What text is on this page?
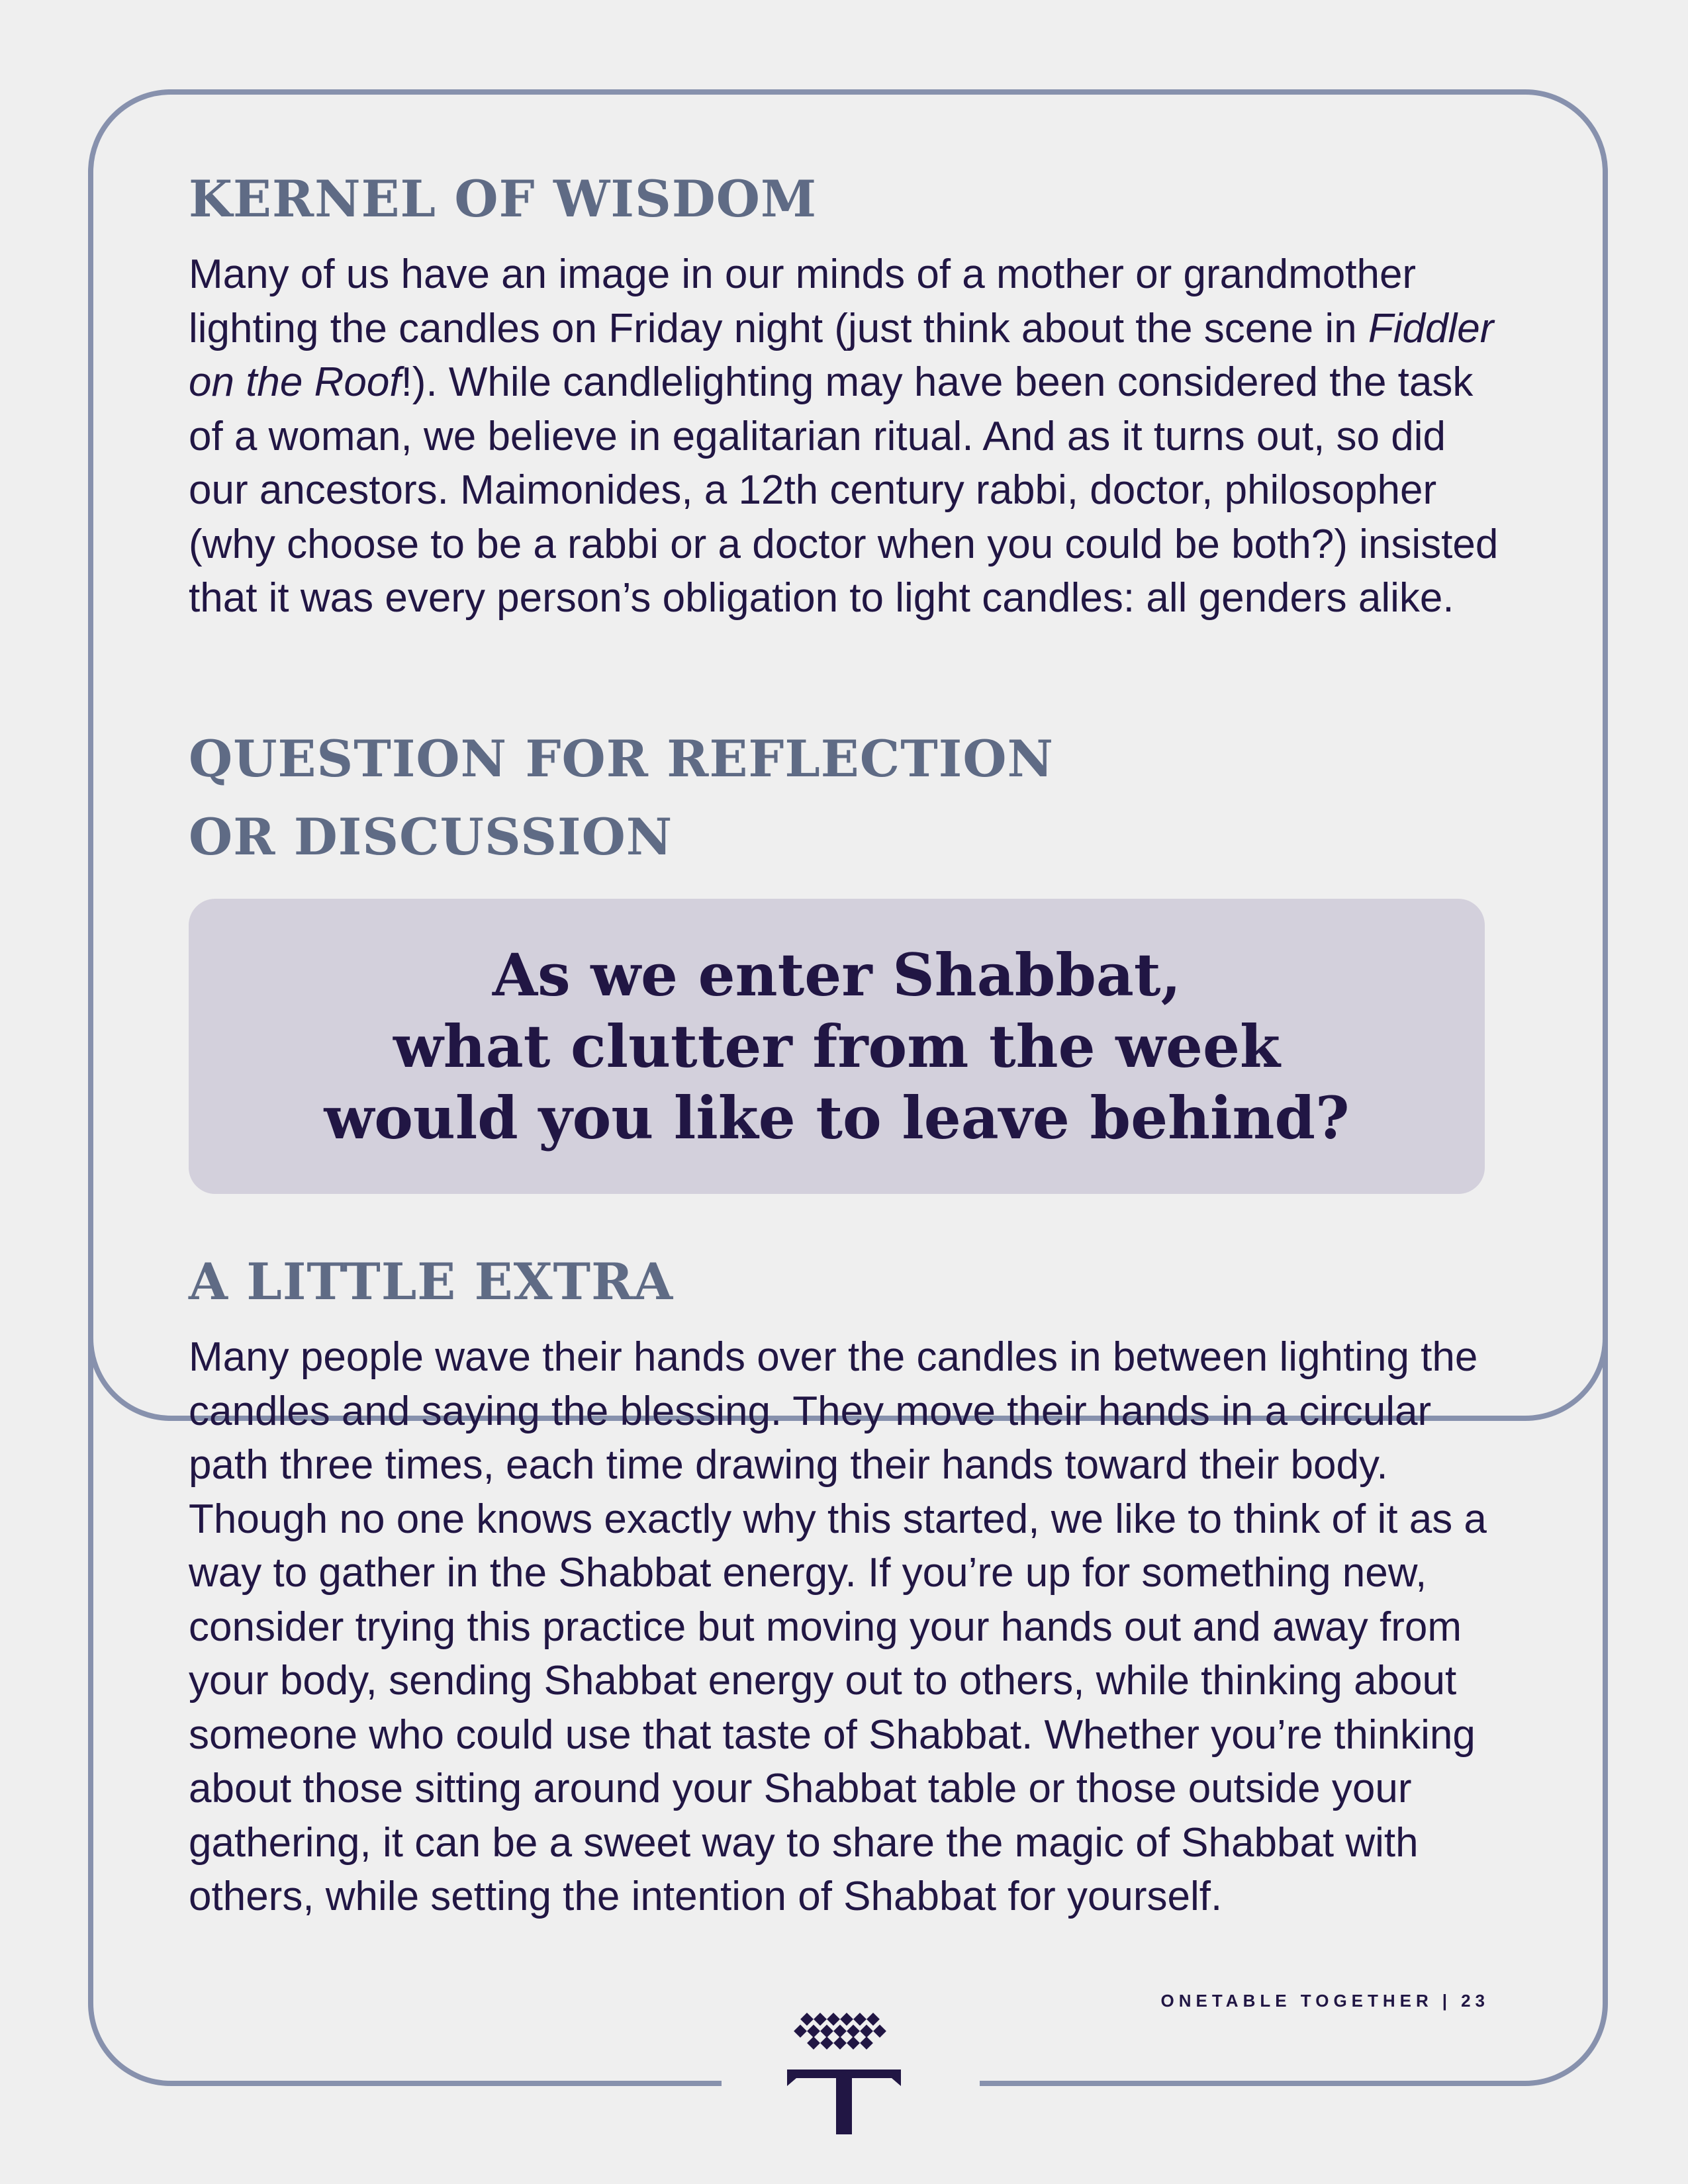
KERNEL OF WISDOM

Many of us have an image in our minds of a mother or grandmother lighting the candles on Friday night (just think about the scene in Fiddler on the Roof!). While candlelighting may have been considered the task of a woman, we believe in egalitarian ritual. And as it turns out, so did our ancestors. Maimonides, a 12th century rabbi, doctor, philosopher (why choose to be a rabbi or a doctor when you could be both?) insisted that it was every person’s obligation to light candles: all genders alike.

QUESTION FOR REFLECTION
OR DISCUSSION

As we enter Shabbat,
what clutter from the week
would you like to leave behind?

A LITTLE EXTRA

Many people wave their hands over the candles in between lighting the candles and saying the blessing. They move their hands in a circular path three times, each time drawing their hands toward their body. Though no one knows exactly why this started, we like to think of it as a way to gather in the Shabbat energy. If you’re up for something new, consider trying this practice but moving your hands out and away from your body, sending Shabbat energy out to others, while thinking about someone who could use that taste of Shabbat. Whether you’re thinking about those sitting around your Shabbat table or those outside your gathering, it can be a sweet way to share the magic of Shabbat with others, while setting the intention of Shabbat for yourself.

ONETABLE TOGETHER | 23
